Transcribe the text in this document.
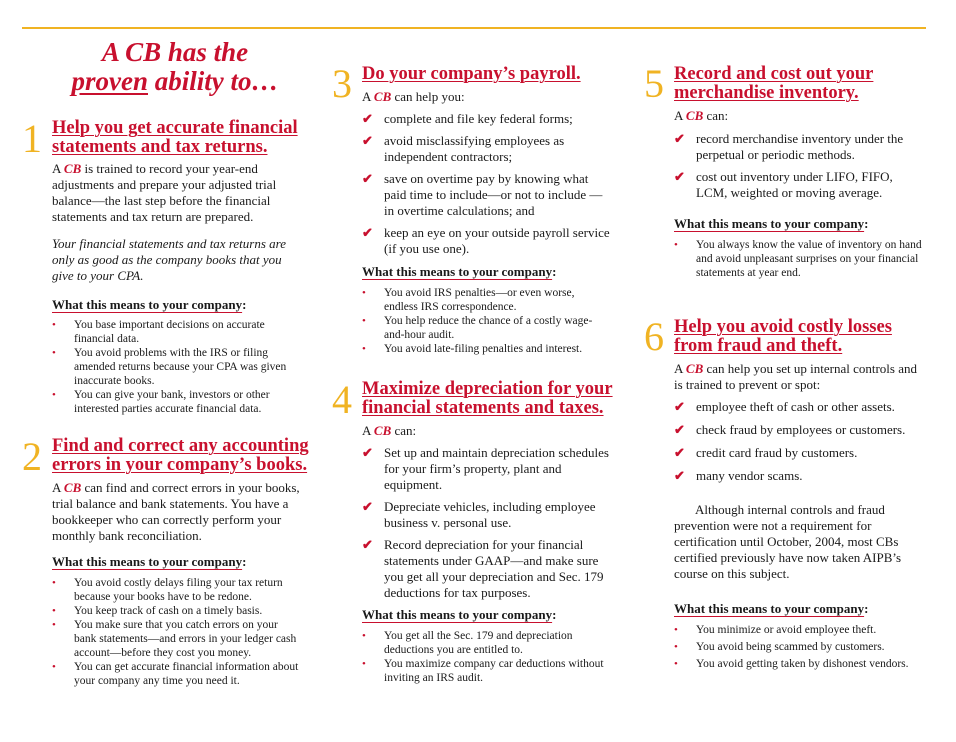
A CB has the
proven ability to…
1 Help you get accurate financial
statements and tax returns.
A CB is trained to record your year-end adjustments and prepare your adjusted trial balance—the last step before the financial statements and tax return are prepared.
Your financial statements and tax returns are only as good as the company books that you give to your CPA.
What this means to your company:
• You base important decisions on accurate financial data.
• You avoid problems with the IRS or filing amended returns because your CPA was given inaccurate books.
• You can give your bank, investors or other interested parties accurate financial data.
2 Find and correct any accounting
errors in your company’s books.
A CB can find and correct errors in your books, trial balance and bank statements. You have a bookkeeper who can correctly perform your monthly bank reconciliation.
What this means to your company:
• You avoid costly delays filing your tax return because your books have to be redone.
• You keep track of cash on a timely basis.
• You make sure that you catch errors on your bank statements—and errors in your ledger cash account—before they cost you money.
• You can get accurate financial information about your company any time you need it.
3 Do your company’s payroll.
A CB can help you:
✔ complete and file key federal forms;
✔ avoid misclassifying employees as independent contractors;
✔ save on overtime pay by knowing what paid time to include—or not to include — in overtime calculations; and
✔ keep an eye on your outside payroll service (if you use one).
What this means to your company:
• You avoid IRS penalties—or even worse, endless IRS correspondence.
• You help reduce the chance of a costly wage-and-hour audit.
• You avoid late-filing penalties and interest.
4 Maximize depreciation for your
financial statements and taxes.
A CB can:
✔ Set up and maintain depreciation schedules for your firm’s property, plant and equipment.
✔ Depreciate vehicles, including employee business v. personal use.
✔ Record depreciation for your financial statements under GAAP—and make sure you get all your depreciation and Sec. 179 deductions for tax purposes.
What this means to your company:
• You get all the Sec. 179 and depreciation deductions you are entitled to.
• You maximize company car deductions without inviting an IRS audit.
5 Record and cost out your
merchandise inventory.
A CB can:
✔ record merchandise inventory under the perpetual or periodic methods.
✔ cost out inventory under LIFO, FIFO, LCM, weighted or moving average.
What this means to your company:
• You always know the value of inventory on hand and avoid unpleasant surprises on your financial statements at year end.
6 Help you avoid costly losses
from fraud and theft.
A CB can help you set up internal controls and is trained to prevent or spot:
✔ employee theft of cash or other assets.
✔ check fraud by employees or customers.
✔ credit card fraud by customers.
✔ many vendor scams.
Although internal controls and fraud prevention were not a requirement for certification until October, 2004, most CBs certified previously have now taken AIPB’s course on this subject.
What this means to your company:
• You minimize or avoid employee theft.
• You avoid being scammed by customers.
• You avoid getting taken by dishonest vendors.
